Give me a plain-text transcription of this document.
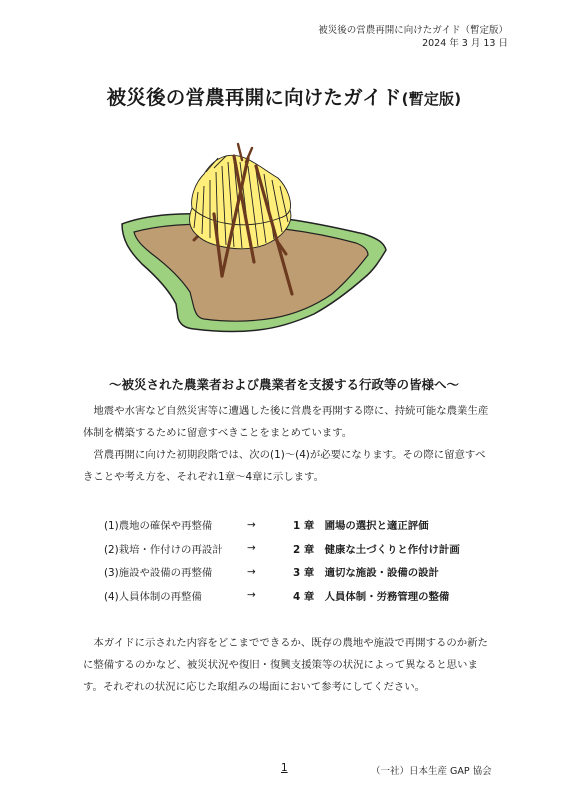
被災後の営農再開に向けたガイド（暫定版）
2024 年 3 月 13 日
被災後の営農再開に向けたガイド(暫定版)
～被災された農業者および農業者を支援する行政等の皆様へ～

地震や水害など自然災害等に遭遇した後に営農を再開する際に、持続可能な農業生産体制を構築するために留意すべきことをまとめています。

営農再開に向けた初期段階では、次の(1)～(4)が必要になります。その際に留意すべきことや考え方を、それぞれ1章～4章に示します。

(1)農地の確保や再整備	→	1 章　圃場の選択と適正評価
(2)栽培・作付けの再設計	→	2 章　健康な土づくりと作付け計画
(3)施設や設備の再整備	→	3 章　適切な施設・設備の設計
(4)人員体制の再整備	→	4 章　人員体制・労務管理の整備

本ガイドに示された内容をどこまでできるか、既存の農地や施設で再開するのか新たに整備するのかなど、被災状況や復旧・復興支援策等の状況によって異なると思います。それぞれの状況に応じた取組みの場面において参考にしてください。

1	（一社）日本生産 GAP 協会
